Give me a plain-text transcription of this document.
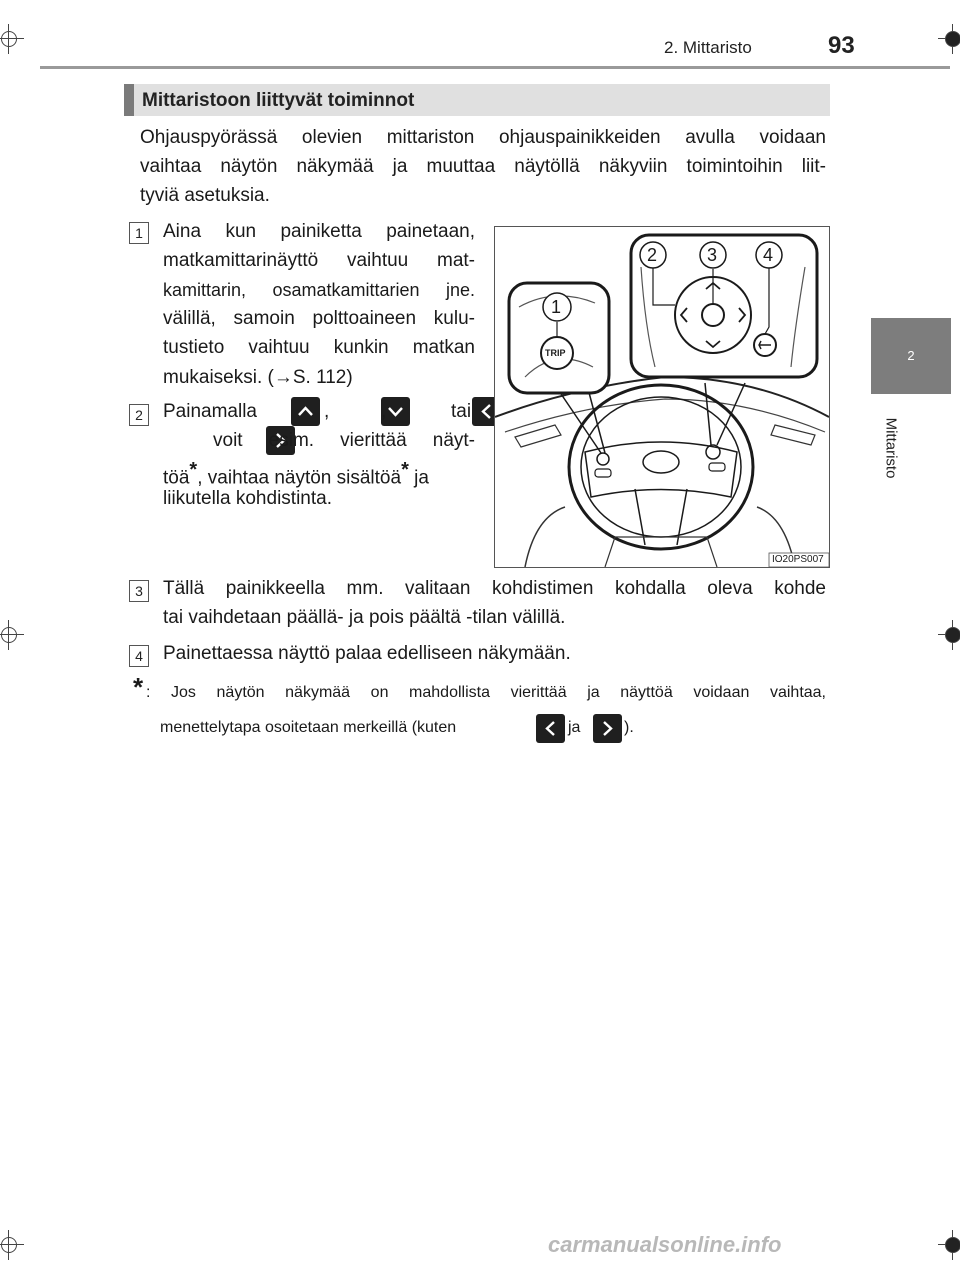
2. Mittaristo	93
2
Mittaristo
Mittaristoon liittyvät toiminnot
Ohjauspyörässä olevien mittariston ohjauspainikkeiden avulla voidaan
vaihtaa näytön näkymää ja muuttaa näytöllä näkyviin toimintoihin liit-
tyviä asetuksia.
1	Aina kun painiketta painetaan,
matkamittarinäyttö vaihtuu mat-
kamittarin, osamatkamittarien jne.
välillä, samoin polttoaineen kulu-
tustieto vaihtuu kunkin matkan
mukaiseksi. (→S. 112)
2	Painamalla
	,
	,
	tai
voit esim. vierittää näyt-
töä*, vaihtaa näytön sisältöä* ja
liikutella kohdistinta.
1
2	3	4
TRIP
IO20PS007
3	Tällä painikkeella mm. valitaan kohdistimen kohdalla oleva kohde
tai vaihdetaan päällä- ja pois päältä -tilan välillä.
4	Painettaessa näyttö palaa edelliseen näkymään.
* : Jos näytön näkymää on mahdollista vierittää ja näyttöä voidaan vaihtaa,
menettelytapa osoitetaan merkeillä (kuten	ja	).
carmanualsonline.info
